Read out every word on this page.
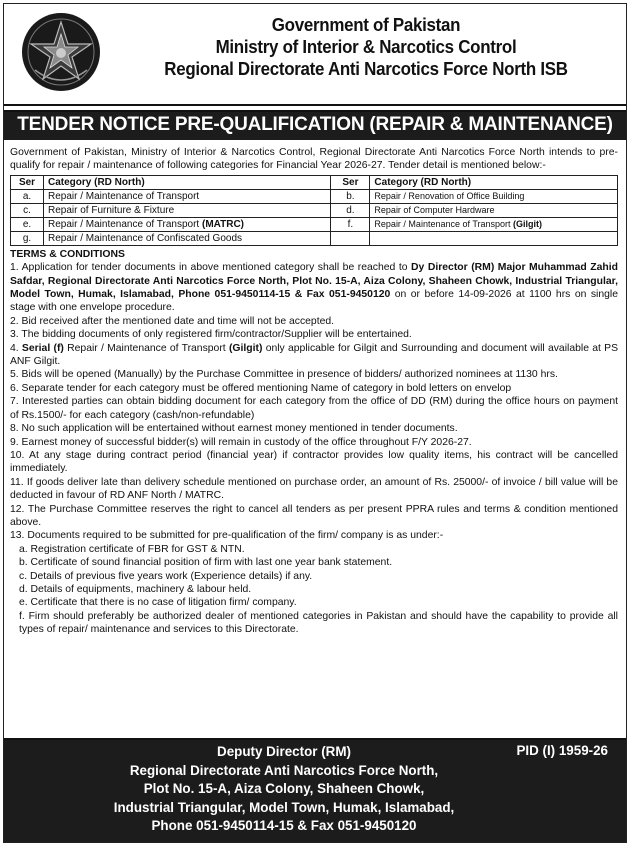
Government of Pakistan
Ministry of Interior & Narcotics Control
Regional Directorate Anti Narcotics Force North ISB
TENDER NOTICE PRE-QUALIFICATION (REPAIR & MAINTENANCE)

Government of Pakistan, Ministry of Interior & Narcotics Control, Regional Directorate Anti Narcotics Force North intends to pre-qualify for repair / maintenance of following categories for Financial Year 2026-27. Tender detail is mentioned below:-

Ser	Category (RD North)	Ser	Category (RD North)
a.	Repair / Maintenance of Transport	b.	Repair / Renovation of Office Building
c.	Repair of Furniture & Fixture	d.	Repair of Computer Hardware
e.	Repair / Maintenance of Transport (MATRC)	f.	Repair / Maintenance of Transport (Gilgit)
g.	Repair / Maintenance of Confiscated Goods		
TERMS & CONDITIONS

1. Application for tender documents in above mentioned category shall be reached to Dy Director (RM) Major Muhammad Zahid Safdar, Regional Directorate Anti Narcotics Force North, Plot No. 15-A, Aiza Colony, Shaheen Chowk, Industrial Triangular, Model Town, Humak, Islamabad, Phone 051-9450114-15 & Fax 051-9450120 on or before 14-09-2026 at 1100 hrs on single stage with one envelope procedure.

2. Bid received after the mentioned date and time will not be accepted.

3. The bidding documents of only registered firm/contractor/Supplier will be entertained.

4. Serial (f) Repair / Maintenance of Transport (Gilgit) only applicable for Gilgit and Surrounding and document will available at PS ANF Gilgit.

5. Bids will be opened (Manually) by the Purchase Committee in presence of bidders/ authorized nominees at 1130 hrs.

6. Separate tender for each category must be offered mentioning Name of category in bold letters on envelop

7. Interested parties can obtain bidding document for each category from the office of DD (RM) during the office hours on payment of Rs.1500/- for each category (cash/non-refundable)

8. No such application will be entertained without earnest money mentioned in tender documents.

9. Earnest money of successful bidder(s) will remain in custody of the office throughout F/Y 2026-27.

10. At any stage during contract period (financial year) if contractor provides low quality items, his contract will be cancelled immediately.

11. If goods deliver late than delivery schedule mentioned on purchase order, an amount of Rs. 25000/- of invoice / bill value will be deducted in favour of RD ANF North / MATRC.

12. The Purchase Committee reserves the right to cancel all tenders as per present PPRA rules and terms & condition mentioned above.

13. Documents required to be submitted for pre-qualification of the firm/ company is as under:-

a. Registration certificate of FBR for GST & NTN.

b. Certificate of sound financial position of firm with last one year bank statement.

c. Details of previous five years work (Experience details) if any.

d. Details of equipments, machinery & labour held.

e. Certificate that there is no case of litigation firm/ company.

f. Firm should preferably be authorized dealer of mentioned categories in Pakistan and should have the capability to provide all types of repair/ maintenance and services to this Directorate.

Deputy Director (RM)
Regional Directorate Anti Narcotics Force North,
Plot No. 15-A, Aiza Colony, Shaheen Chowk,
Industrial Triangular, Model Town, Humak, Islamabad,
Phone 051-9450114-15 & Fax 051-9450120
PID (I) 1959-26
